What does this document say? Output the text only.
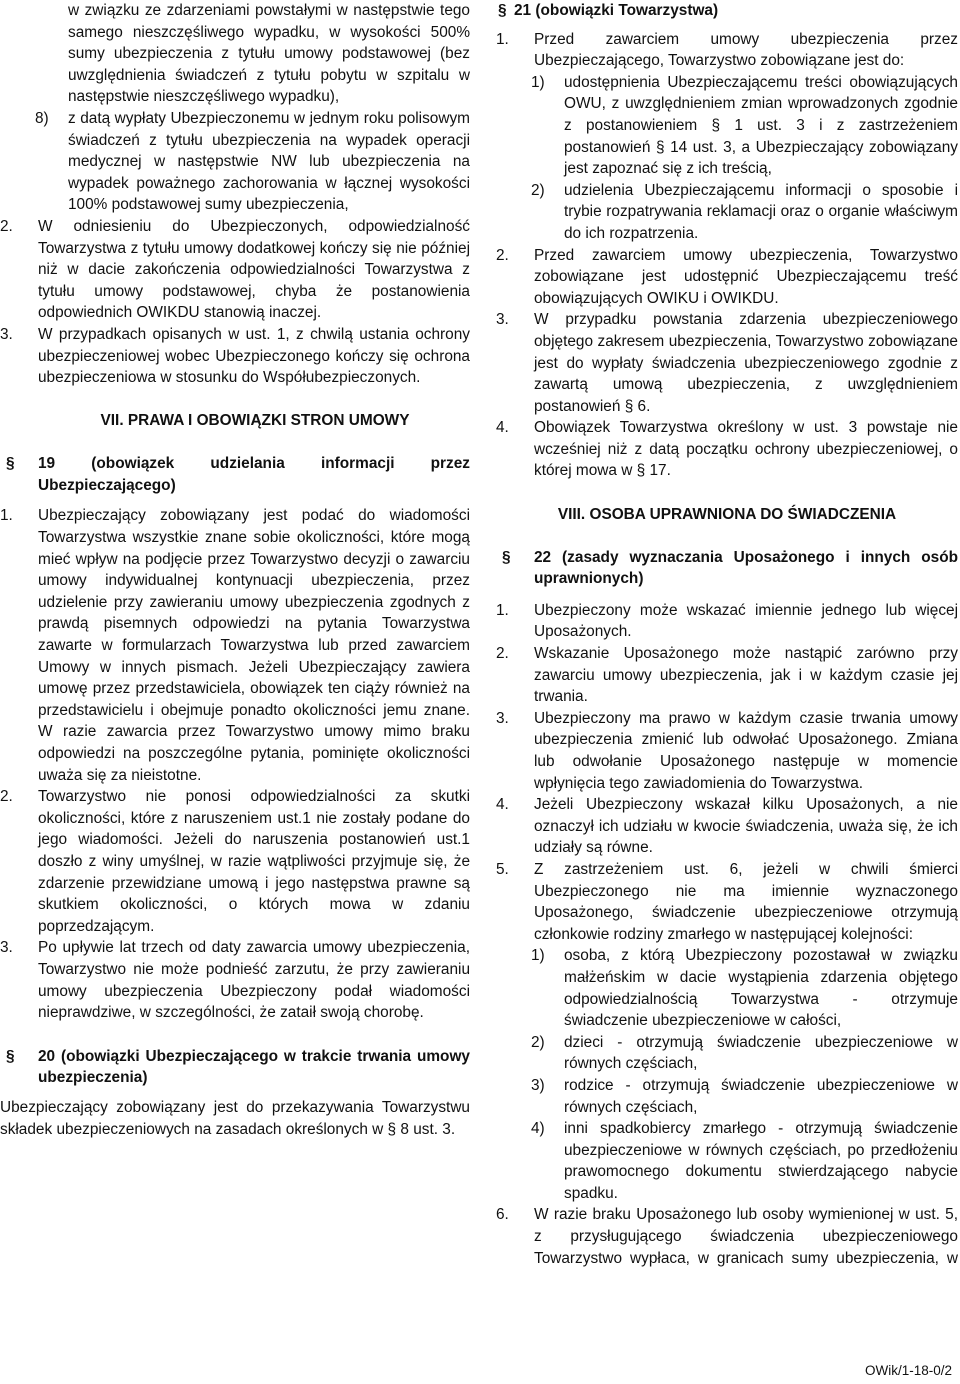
w związku ze zdarzeniami powstałymi w następstwie tego samego nieszczęśliwego wypadku, w wysokości 500% sumy ubezpieczenia z tytułu umowy podstawowej (bez uwzględnienia świadczeń z tytułu pobytu w szpitalu w następstwie nieszczęśliwego wypadku),
8) z datą wypłaty Ubezpieczonemu w jednym roku polisowym świadczeń z tytułu ubezpieczenia na wypadek operacji medycznej w następstwie NW lub ubezpieczenia na wypadek poważnego zachorowania w łącznej wysokości 100% podstawowej sumy ubezpieczenia,
2. W odniesieniu do Ubezpieczonych, odpowiedzialność Towarzystwa z tytułu umowy dodatkowej kończy się nie później niż w dacie zakończenia odpowiedzialności Towarzystwa z tytułu umowy podstawowej, chyba że postanowienia odpowiednich OWIKDU stanowią inaczej.
3. W przypadkach opisanych w ust. 1, z chwilą ustania ochrony ubezpieczeniowej wobec Ubezpieczonego kończy się ochrona ubezpieczeniowa w stosunku do Współubezpieczonych.
VII. PRAWA I OBOWIĄZKI STRON UMOWY
§ 19 (obowiązek udzielania informacji przez Ubezpieczającego)
1. Ubezpieczający zobowiązany jest podać do wiadomości Towarzystwa wszystkie znane sobie okoliczności, które mogą mieć wpływ na podjęcie przez Towarzystwo decyzji o zawarciu umowy indywidualnej kontynuacji ubezpieczenia, przez udzielenie przy zawieraniu umowy ubezpieczenia zgodnych z prawdą pisemnych odpowiedzi na pytania Towarzystwa zawarte w formularzach Towarzystwa lub przed zawarciem Umowy w innych pismach. Jeżeli Ubezpieczający zawiera umowę przez przedstawiciela, obowiązek ten ciąży również na przedstawicielu i obejmuje ponadto okoliczności jemu znane. W razie zawarcia przez Towarzystwo umowy mimo braku odpowiedzi na poszczególne pytania, pominięte okoliczności uważa się za nieistotne.
2. Towarzystwo nie ponosi odpowiedzialności za skutki okoliczności, które z naruszeniem ust.1 nie zostały podane do jego wiadomości. Jeżeli do naruszenia postanowień ust.1 doszło z winy umyślnej, w razie wątpliwości przyjmuje się, że zdarzenie przewidziane umową i jego następstwa prawne są skutkiem okoliczności, o których mowa w zdaniu poprzedzającym.
3. Po upływie lat trzech od daty zawarcia umowy ubezpieczenia, Towarzystwo nie może podnieść zarzutu, że przy zawieraniu umowy ubezpieczenia Ubezpieczony podał wiadomości nieprawdziwe, w szczególności, że zataił swoją chorobę.
§ 20 (obowiązki Ubezpieczającego w trakcie trwania umowy ubezpieczenia)
Ubezpieczający zobowiązany jest do przekazywania Towarzystwu składek ubezpieczeniowych na zasadach określonych w § 8 ust. 3.
§ 21 (obowiązki Towarzystwa)
1. Przed zawarciem umowy ubezpieczenia przez Ubezpieczającego, Towarzystwo zobowiązane jest do:
1) udostępnienia Ubezpieczającemu treści obowiązujących OWU, z uwzględnieniem zmian wprowadzonych zgodnie z postanowieniem § 1 ust. 3 i z zastrzeżeniem postanowień § 14 ust. 3, a Ubezpieczający zobowiązany jest zapoznać się z ich treścią,
2) udzielenia Ubezpieczającemu informacji o sposobie i trybie rozpatrywania reklamacji oraz o organie właściwym do ich rozpatrzenia.
2. Przed zawarciem umowy ubezpieczenia, Towarzystwo zobowiązane jest udostępnić Ubezpieczającemu treść obowiązujących OWIKU i OWIKDU.
3. W przypadku powstania zdarzenia ubezpieczeniowego objętego zakresem ubezpieczenia, Towarzystwo zobowiązane jest do wypłaty świadczenia ubezpieczeniowego zgodnie z zawartą umową ubezpieczenia, z uwzględnieniem postanowień § 6.
4. Obowiązek Towarzystwa określony w ust. 3 powstaje nie wcześniej niż z datą początku ochrony ubezpieczeniowej, o której mowa w § 17.
VIII. OSOBA UPRAWNIONA DO ŚWIADCZENIA
§ 22 (zasady wyznaczania Uposażonego i innych osób uprawnionych)
1. Ubezpieczony może wskazać imiennie jednego lub więcej Uposażonych.
2. Wskazanie Uposażonego może nastąpić zarówno przy zawarciu umowy ubezpieczenia, jak i w każdym czasie jej trwania.
3. Ubezpieczony ma prawo w każdym czasie trwania umowy ubezpieczenia zmienić lub odwołać Uposażonego. Zmiana lub odwołanie Uposażonego następuje w momencie wpłynięcia tego zawiadomienia do Towarzystwa.
4. Jeżeli Ubezpieczony wskazał kilku Uposażonych, a nie oznaczył ich udziału w kwocie świadczenia, uważa się, że ich udziały są równe.
5. Z zastrzeżeniem ust. 6, jeżeli w chwili śmierci Ubezpieczonego nie ma imiennie wyznaczonego Uposażonego, świadczenie ubezpieczeniowe otrzymują członkowie rodziny zmarłego w następującej kolejności:
1) osoba, z którą Ubezpieczony pozostawał w związku małżeńskim w dacie wystąpienia zdarzenia objętego odpowiedzialnością Towarzystwa - otrzymuje świadczenie ubezpieczeniowe w całości,
2) dzieci - otrzymują świadczenie ubezpieczeniowe w równych częściach,
3) rodzice - otrzymują świadczenie ubezpieczeniowe w równych częściach,
4) inni spadkobiercy zmarłego - otrzymują świadczenie ubezpieczeniowe w równych częściach, po przedłożeniu prawomocnego dokumentu stwierdzającego nabycie spadku.
6. W razie braku Uposażonego lub osoby wymienionej w ust. 5, z przysługującego świadczenia ubezpieczeniowego Towarzystwo wypłaca, w granicach sumy ubezpieczenia, w
OWik/1-18-0/2
